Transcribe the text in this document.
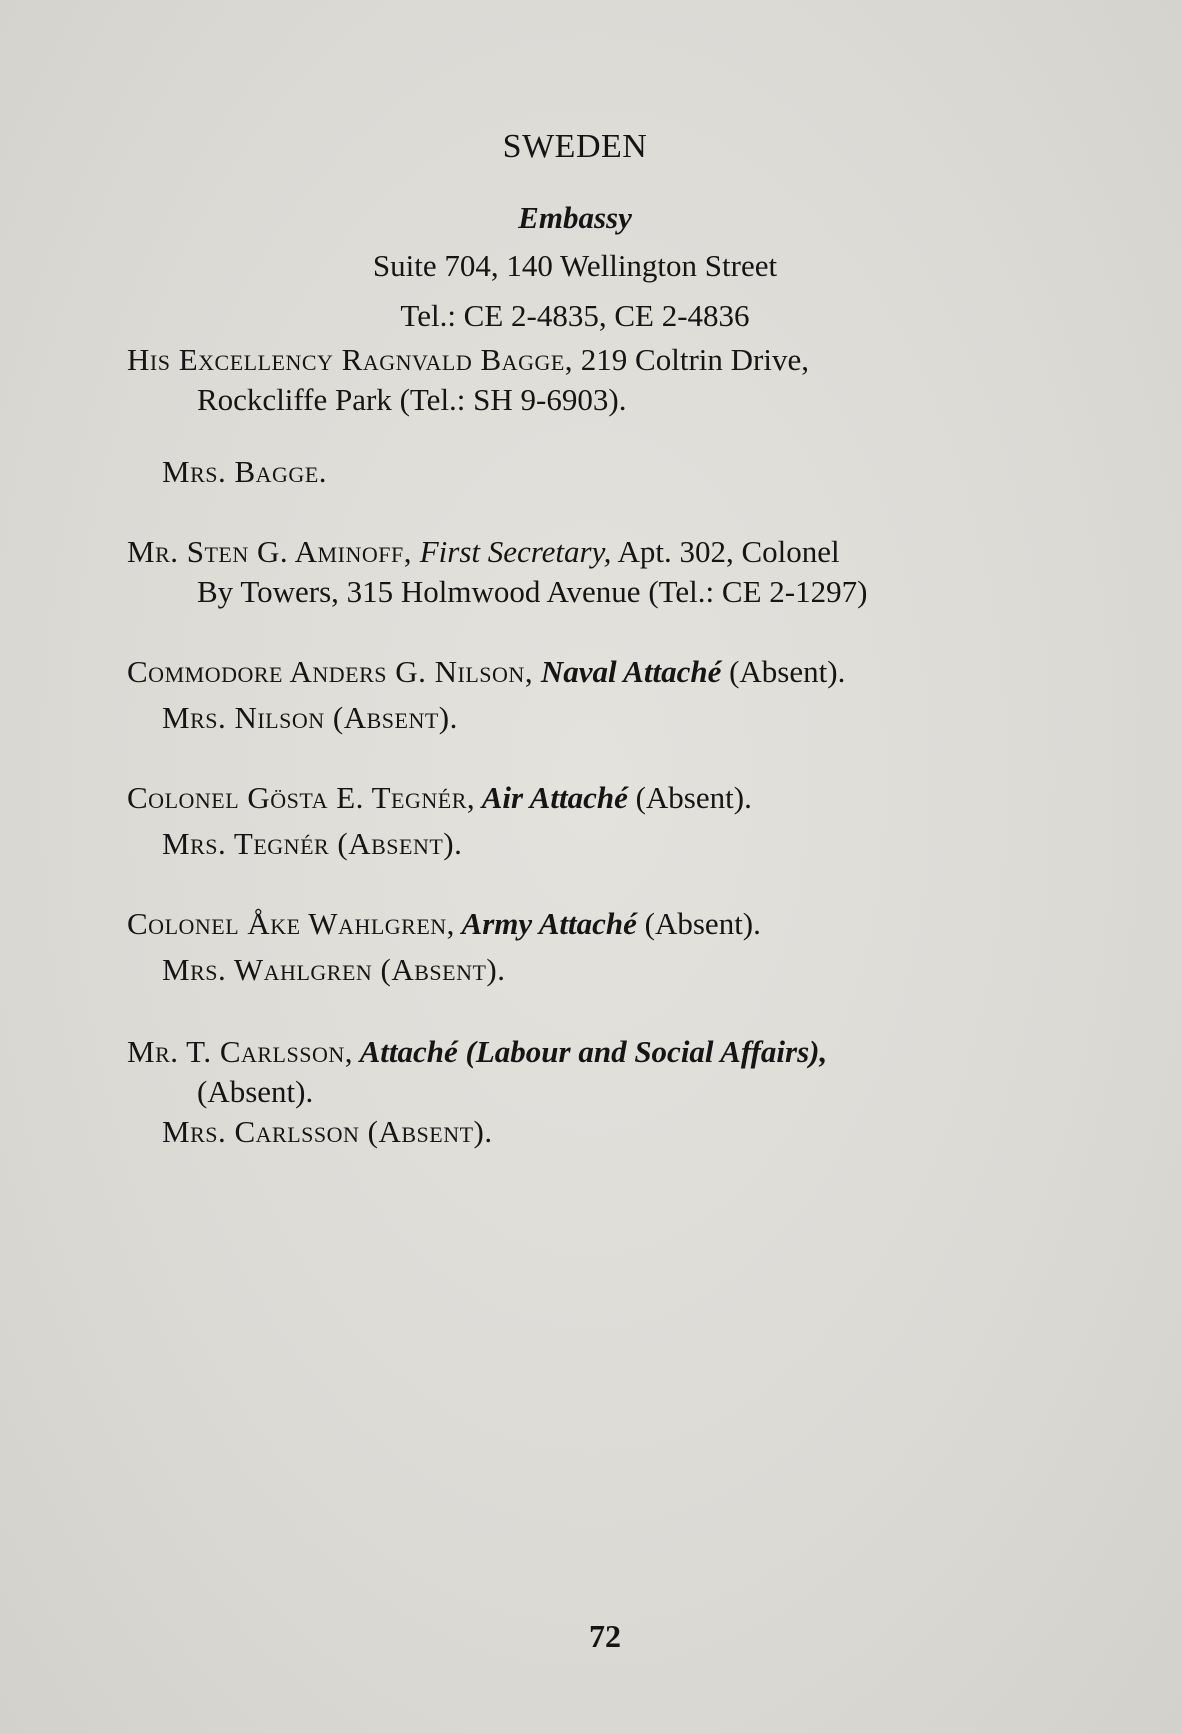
SWEDEN
Embassy
Suite 704, 140 Wellington Street
Tel.: CE 2-4835, CE 2-4836
His Excellency Ragnvald Bagge, 219 Coltrin Drive,
Rockcliffe Park (Tel.: SH 9-6903).
Mrs. Bagge.
Mr. Sten G. Aminoff, First Secretary, Apt. 302, Colonel
By Towers, 315 Holmwood Avenue (Tel.: CE 2-1297)
Commodore Anders G. Nilson, Naval Attaché (Absent).
Mrs. Nilson (Absent).
Colonel Gösta E. Tegnér, Air Attaché (Absent).
Mrs. Tegnér (Absent).
Colonel Åke Wahlgren, Army Attaché (Absent).
Mrs. Wahlgren (Absent).
Mr. T. Carlsson, Attaché (Labour and Social Affairs),
(Absent).
Mrs. Carlsson (Absent).
72
